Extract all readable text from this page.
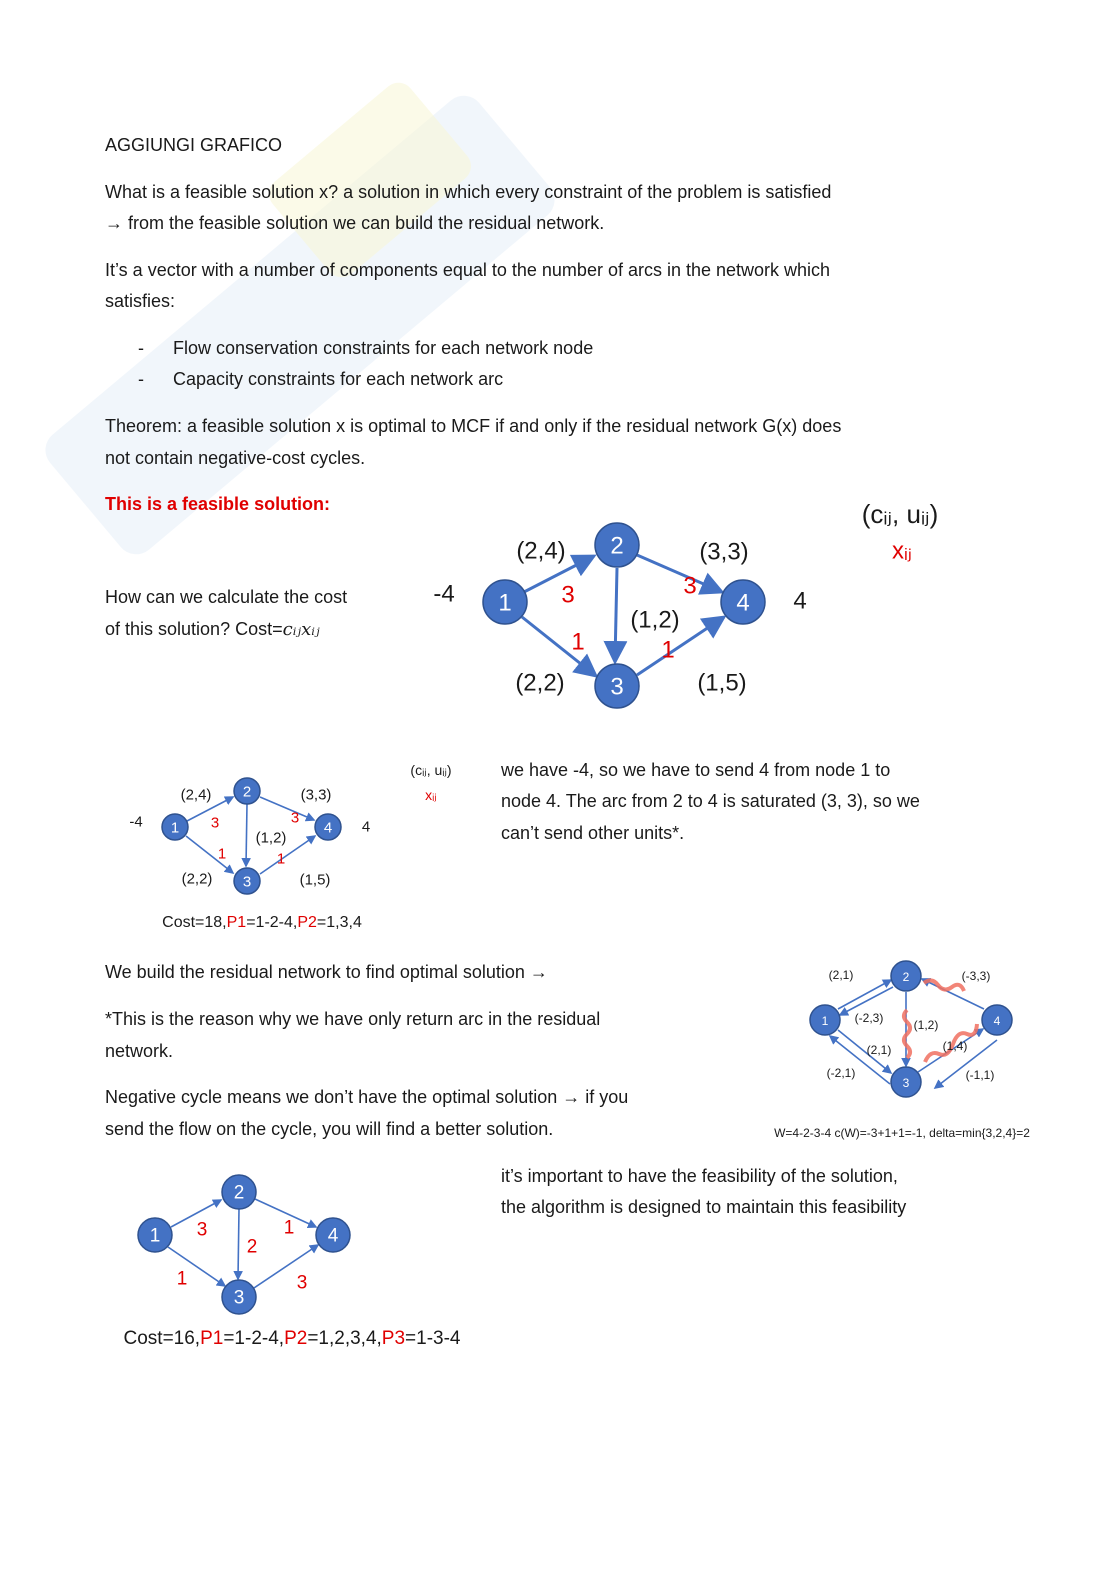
AGGIUNGI GRAFICO
What is a feasible solution x? a solution in which every constraint of the problem is satisfied
→ from the feasible solution we can build the residual network.
It’s a vector with a number of components equal to the number of arcs in the network which
satisfies:
- Flow conservation constraints for each network node
- Capacity constraints for each network arc
Theorem: a feasible solution x is optimal to MCF if and only if the residual network G(x) does
not contain negative-cost cycles.
This is a feasible solution:
How can we calculate the cost
of this solution? Cost=cᵢⱼxᵢⱼ
we have -4, so we have to send 4 from node 1 to
node 4. The arc from 2 to 4 is saturated (3, 3), so we
can’t send other units*.
We build the residual network to find optimal solution →
*This is the reason why we have only return arc in the residual
network.
Negative cycle means we don’t have the optimal solution → if you
send the flow on the cycle, you will find a better solution.
it’s important to have the feasibility of the solution,
the algorithm is designed to maintain this feasibility
1
2
3
4
-4	4
(2,4)	(3,3)
(1,2)
(2,2)	(1,5)
3	3
1	1
(cᵢⱼ, uᵢⱼ)
xᵢⱼ
1
2
3
4
-4	4
(2,4)	(3,3)
(1,2)
(2,2)	(1,5)
3	3
1	1
(cᵢⱼ, uᵢⱼ)
xᵢⱼ
Cost=18,P1=1-2-4,P2=1,3,4
1
2
3
4
(2,1)	(-3,3)
(-2,3)	(1,2)
(2,1)	(1,4)
(-2,1)	(-1,1)
W=4-2-3-4 c(W)=-3+1+1=-1, delta=min{3,2,4}=2
1
2
3
4
3
2
1
1	3
Cost=16,P1=1-2-4,P2=1,2,3,4,P3=1-3-4
